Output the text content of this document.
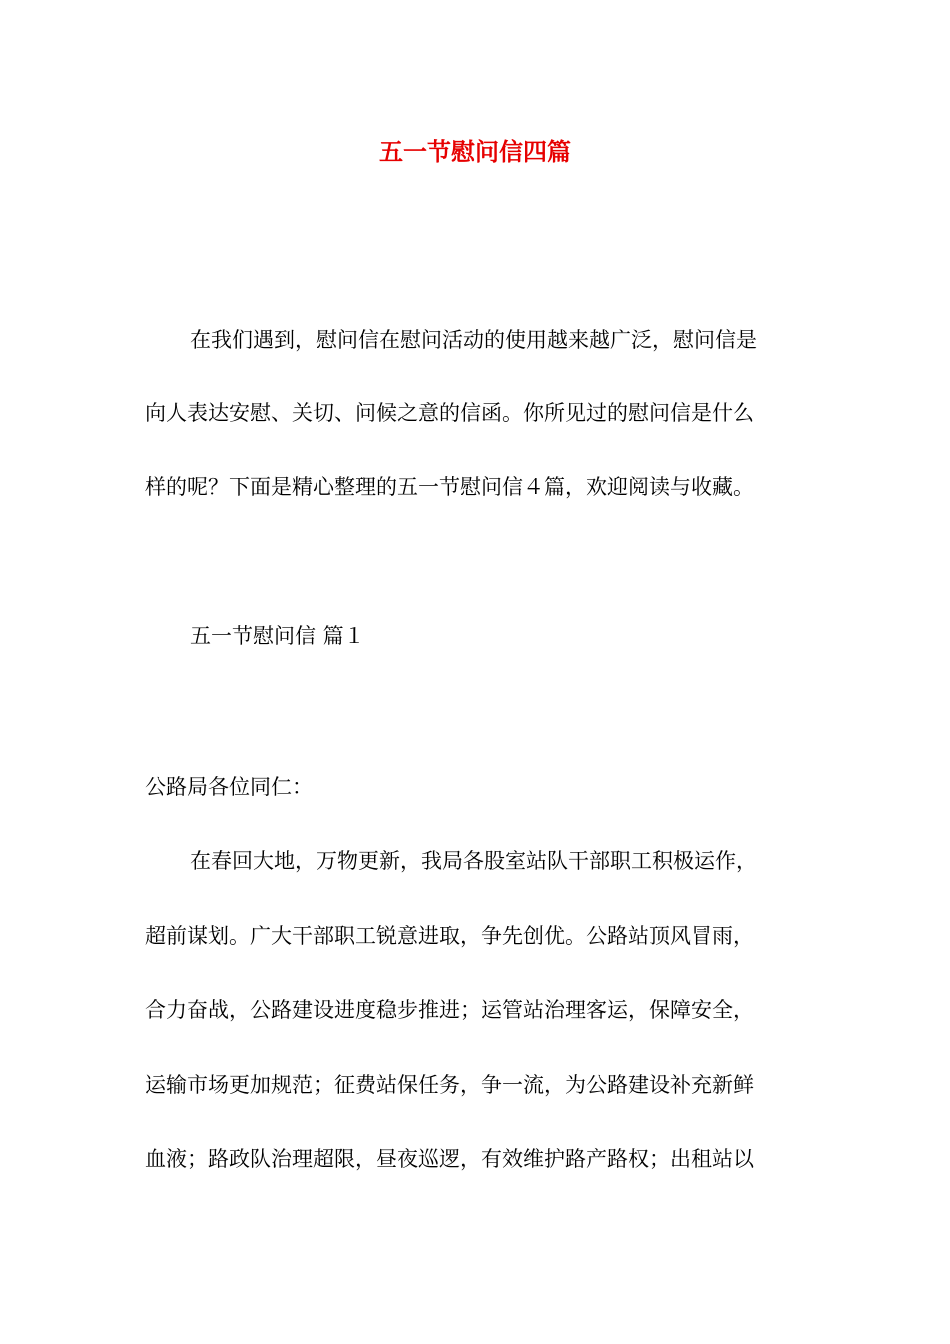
五一节慰问信四篇

在我们遇到，慰问信在慰问活动的使用越来越广泛，慰问信是

向人表达安慰、关切、问候之意的信函。你所见过的慰问信是什么

样的呢？下面是精心整理的五一节慰问信４篇，欢迎阅读与收藏。

五一节慰问信 篇１

公路局各位同仁：

在春回大地，万物更新，我局各股室站队干部职工积极运作，

超前谋划。广大干部职工锐意进取，争先创优。公路站顶风冒雨，

合力奋战，公路建设进度稳步推进；运管站治理客运，保障安全，

运输市场更加规范；征费站保任务，争一流，为公路建设补充新鲜

血液；路政队治理超限，昼夜巡逻，有效维护路产路权；出租站以
